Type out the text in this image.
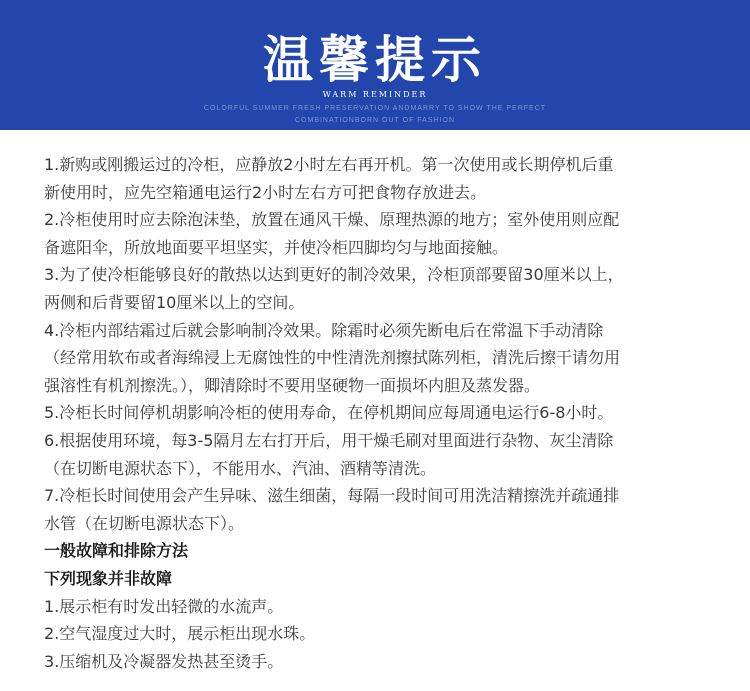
温馨提示
WARM REMINDER
COLORFUL SUMMER FRESH PRESERVATION ANDMARRY TO SHOW THE PERFECT
COMBINATIONBORN OUT OF FASHION
1.新购或刚搬运过的冷柜，应静放2小时左右再开机。第一次使用或长期停机后重
新使用时，应先空箱通电运行2小时左右方可把食物存放进去。
2.冷柜使用时应去除泡沫垫，放置在通风干燥、原理热源的地方；室外使用则应配
备遮阳伞，所放地面要平坦坚实，并使冷柜四脚均匀与地面接触。
3.为了使冷柜能够良好的散热以达到更好的制冷效果，冷柜顶部要留30厘米以上，
两侧和后背要留10厘米以上的空间。
4.冷柜内部结霜过后就会影响制冷效果。除霜时必须先断电后在常温下手动清除
（经常用软布或者海绵浸上无腐蚀性的中性清洗剂擦拭陈列柜，清洗后擦干请勿用
强溶性有机剂擦洗。），卿清除时不要用坚硬物一面损坏内胆及蒸发器。
5.冷柜长时间停机胡影响冷柜的使用寿命，在停机期间应每周通电运行6-8小时。
6.根据使用环境，每3-5隔月左右打开后，用干燥毛刷对里面进行杂物、灰尘清除
（在切断电源状态下），不能用水、汽油、酒精等清洗。
7.冷柜长时间使用会产生异味、滋生细菌，每隔一段时间可用洗洁精擦洗并疏通排
水管（在切断电源状态下）。
一般故障和排除方法
下列现象并非故障
1.展示柜有时发出轻微的水流声。
2.空气湿度过大时，展示柜出现水珠。
3.压缩机及冷凝器发热甚至烫手。
